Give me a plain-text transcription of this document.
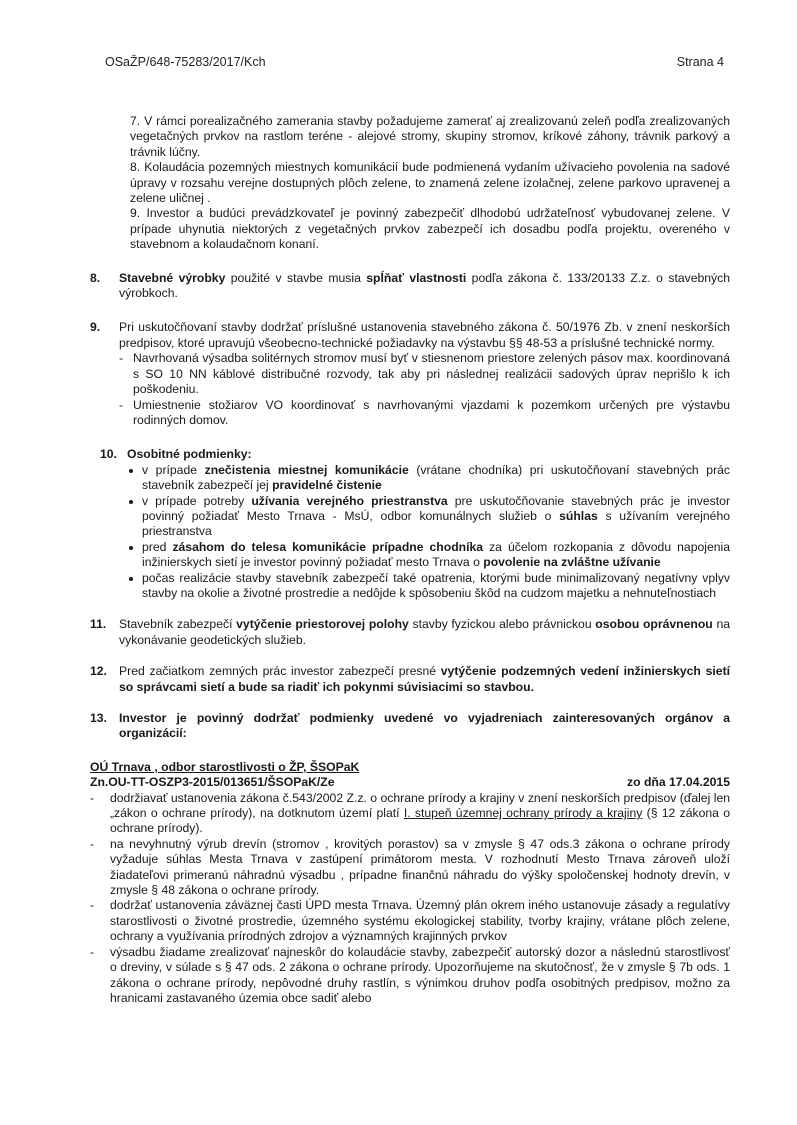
OSaŽP/648-75283/2017/Kch	Strana 4

7. V rámci porealizačného zamerania stavby požadujeme zamerať aj zrealizovanú zeleň podľa zrealizovaných vegetačných prvkov na rastlom teréne - alejové stromy, skupiny stromov, kríkové záhony, trávnik parkový a trávnik lúčny.

8. Kolaudácia pozemných miestnych komunikácií bude podmienená vydaním užívacieho povolenia na sadové úpravy v rozsahu verejne dostupných plôch zelene, to znamená zelene izolačnej, zelene parkovo upravenej a zelene uličnej .

9. Investor a budúci prevádzkovateľ je povinný zabezpečiť dlhodobú udržateľnosť vybudovanej zelene. V prípade uhynutia niektorých z vegetačných prvkov zabezpečí ich dosadbu podľa projektu, overeného v stavebnom a kolaudačnom konaní.

8. Stavebné výrobky použité v stavbe musia spĺňať vlastnosti podľa zákona č. 133/20133 Z.z. o stavebných výrobkoch.
9. Pri uskutočňovaní stavby dodržať príslušné ustanovenia stavebného zákona č. 50/1976 Zb. v znení neskorších predpisov, ktoré upravujú všeobecno-technické požiadavky na výstavbu §§ 48-53 a príslušné technické normy.

- Navrhovaná výsadba solitérnych stromov musí byť v stiesnenom priestore zelených pásov max. koordinovaná s SO 10 NN káblové distribučné rozvody, tak aby pri následnej realizácii sadových úprav neprišlo k ich poškodeniu.
- Umiestnenie stožiarov VO koordinovať s navrhovanými vjazdami k pozemkom určených pre výstavbu rodinných domov.
10. Osobitné podmienky:

v prípade znečistenia miestnej komunikácie (vrátane chodníka) pri uskutočňovaní stavebných prác stavebník zabezpečí jej pravidelné čistenie
v prípade potreby užívania verejného priestranstva pre uskutočňovanie stavebných prác je investor povinný požiadať Mesto Trnava - MsÚ, odbor komunálnych služieb o súhlas s užívaním verejného priestranstva
pred zásahom do telesa komunikácie prípadne chodníka za účelom rozkopania z dôvodu napojenia inžinierskych sietí je investor povinný požiadať mesto Trnava o povolenie na zvláštne užívanie
počas realizácie stavby stavebník zabezpečí také opatrenia, ktorými bude minimalizovaný negatívny vplyv stavby na okolie a životné prostredie a nedôjde k spôsobeniu škôd na cudzom majetku a nehnuteľnostiach
11. Stavebník zabezpečí vytýčenie priestorovej polohy stavby fyzickou alebo právnickou osobou oprávnenou na vykonávanie geodetických služieb.
12. Pred začiatkom zemných prác investor zabezpečí presné vytýčenie podzemných vedení inžinierskych sietí so správcami sietí a bude sa riadiť ich pokynmi súvisiacimi so stavbou.
13. Investor je povinný dodržať podmienky uvedené vo vyjadreniach zainteresovaných orgánov a organizácií:

OÚ Trnava , odbor starostlivosti o ŽP, ŠSOPaK

Zn.OU-TT-OSZP3-2015/013651/ŠSOPaK/Ze	zo dňa 17.04.2015
- dodržiavať ustanovenia zákona č.543/2002 Z.z. o ochrane prírody a krajiny v znení neskorších predpisov (ďalej len „zákon o ochrane prírody), na dotknutom území platí I. stupeň územnej ochrany prírody a krajiny (§ 12 zákona o ochrane prírody).
- na nevyhnutný výrub drevín (stromov , krovitých porastov) sa v zmysle § 47 ods.3 zákona o ochrane prírody vyžaduje súhlas Mesta Trnava v zastúpení primátorom mesta. V rozhodnutí Mesto Trnava zároveň uloží žiadateľovi primeranú náhradnú výsadbu , prípadne finančnú náhradu do výšky spoločenskej hodnoty drevín, v zmysle § 48 zákona o ochrane prírody.
- dodržať ustanovenia záväznej časti ÚPD mesta Trnava. Územný plán okrem iného ustanovuje zásady a regulatívy starostlivosti o životné prostredie, územného systému ekologickej stability, tvorby krajiny, vrátane plôch zelene, ochrany a využívania prírodných zdrojov a významných krajinných prvkov
- výsadbu žiadame zrealizovať najneskôr do kolaudácie stavby, zabezpečiť autorský dozor a následnú starostlivosť o dreviny, v súlade s § 47 ods. 2 zákona o ochrane prírody. Upozorňujeme na skutočnosť, že v zmysle § 7b ods. 1 zákona o ochrane prírody, nepôvodné druhy rastlín, s výnimkou druhov podľa osobitných predpisov, možno za hranicami zastavaného územia obce sadiť alebo
